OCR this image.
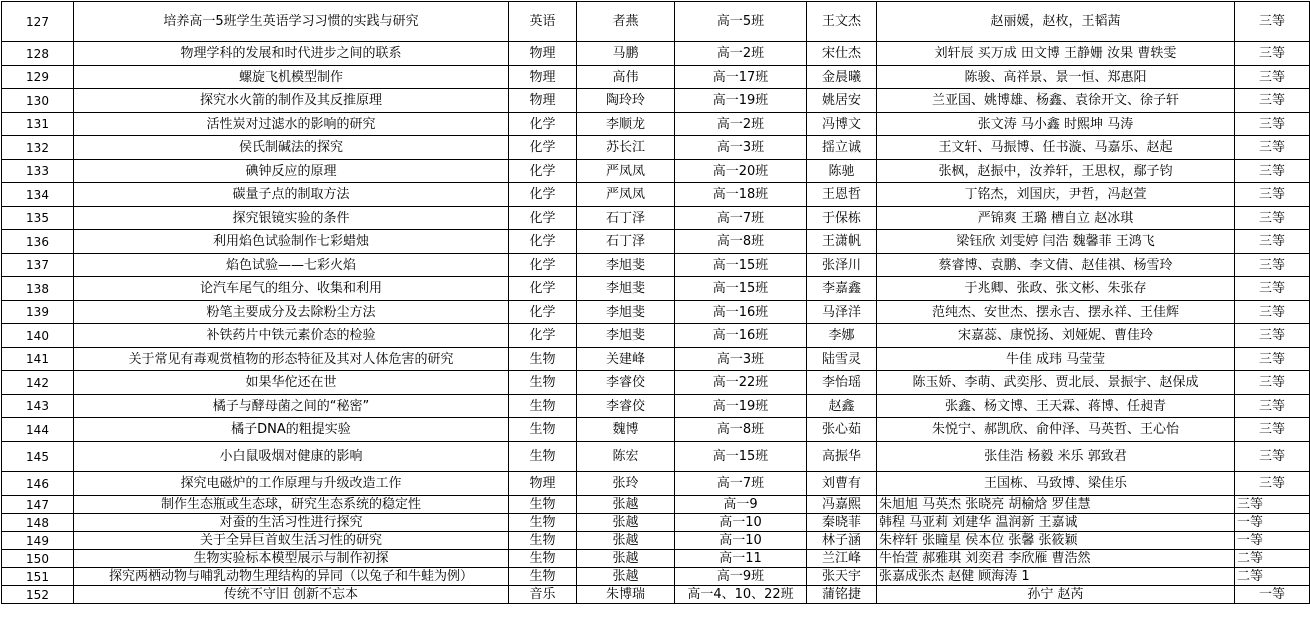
127	培养高一5班学生英语学习习惯的实践与研究	英语	者燕	高一5班	王文杰	赵丽媛，赵枚，王韬茜	三等
128	物理学科的发展和时代进步之间的联系	物理	马鹏	高一2班	宋仕杰	刘轩辰 买万成 田文博 王静姗 汝果 曹轶雯	三等
129	螺旋飞机模型制作	物理	高伟	高一17班	金晨曦	陈骏、高祥景、景一恒、郑惠阳	三等
130	探究水火箭的制作及其反推原理	物理	陶玲玲	高一19班	姚居安	兰亚国、姚博雄、杨鑫、袁徐开文、徐子轩	三等
131	活性炭对过滤水的影响的研究	化学	李顺龙	高一2班	冯博文	张文涛 马小鑫 时熙坤 马涛	三等
132	侯氏制碱法的探究	化学	苏长江	高一3班	揺立诚	王文轩、马振博、任书漩、马嘉乐、赵起	三等
133	碘钟反应的原理	化学	严凤凤	高一20班	陈驰	张枫，赵振中，汝养轩，王思权，鄢子钧	三等
134	碳量子点的制取方法	化学	严凤凤	高一18班	王恩哲	丁铭杰，刘国庆，尹哲，冯赵萱	三等
135	探究银镜实验的条件	化学	石丁泽	高一7班	于保栋	严锦爽 王璐 槽自立 赵冰琪	三等
136	利用焰色试验制作七彩蜡烛	化学	石丁泽	高一8班	王潇帆	梁钰欣 刘雯婷 闫浩 魏馨菲 王鸿飞	三等
137	焰色试验——七彩火焰	化学	李旭斐	高一15班	张泽川	蔡睿博、袁鹏、李文倩、赵佳祺、杨雪玲	三等
138	论汽车尾气的组分、收集和利用	化学	李旭斐	高一15班	李嘉鑫	于兆卿、张政、张文彬、朱张存	三等
139	粉笔主要成分及去除粉尘方法	化学	李旭斐	高一16班	马泽洋	范纯杰、安世杰、摆永吉、摆永祥、王佳辉	三等
140	补铁药片中铁元素价态的检验	化学	李旭斐	高一16班	李娜	宋嘉蕊、康悦扬、刘娅妮、曹佳玲	三等
141	关于常见有毒观赏植物的形态特征及其对人体危害的研究	生物	关建峰	高一3班	陆雪灵	牛佳 成玮 马莹莹	三等
142	如果华佗还在世	生物	李睿佼	高一22班	李怡瑶	陈玉娇、李萌、武奕彤、贾北辰、景振宇、赵保成	三等
143	橘子与酵母菌之间的“秘密”	生物	李睿佼	高一19班	赵鑫	张鑫、杨文博、王天霖、蒋博、任昶青	三等
144	橘子DNA的粗提实验	生物	魏博	高一8班	张心茹	朱悦宁、郝凯欣、俞仲泽、马英哲、王心怡	三等
145	小白鼠吸烟对健康的影响	生物	陈宏	高一15班	高振华	张佳浩 杨毅 米乐 郭致君	三等
146	探究电磁炉的工作原理与升级改造工作	物理	张玲	高一7班	刘曹有	王国栋、马致博、梁佳乐	三等
147	制作生态瓶或生态球，研究生态系统的稳定性	生物	张越	高一9	冯嘉熙	朱旭旭 马英杰 张晓亮 胡榆焓 罗佳慧	三等
148	对蚕的生活习性进行探究	生物	张越	高一10	秦晓菲	韩程 马亚莉 刘建华 温润新 王嘉诚	一等
149	关于全异巨首蚁生活习性的研究	生物	张越	高一10	林子涵	朱梓轩 张瞳星 侯本位 张馨 张筱颖	一等
150	生物实验标本模型展示与制作初探	生物	张越	高一11	兰江峰	牛怡萱 郝雅琪 刘奕君 李欣雁 曹浩然	二等
151	探究两栖动物与哺乳动物生理结构的异同（以兔子和牛蛙为例）	生物	张越	高一9班	张天宇	张嘉成张杰 赵健 顾海涛 1	二等
152	传统不守旧 创新不忘本	音乐	朱博瑞	高一4、10、22班	蒲铭捷	孙宁 赵芮	一等
